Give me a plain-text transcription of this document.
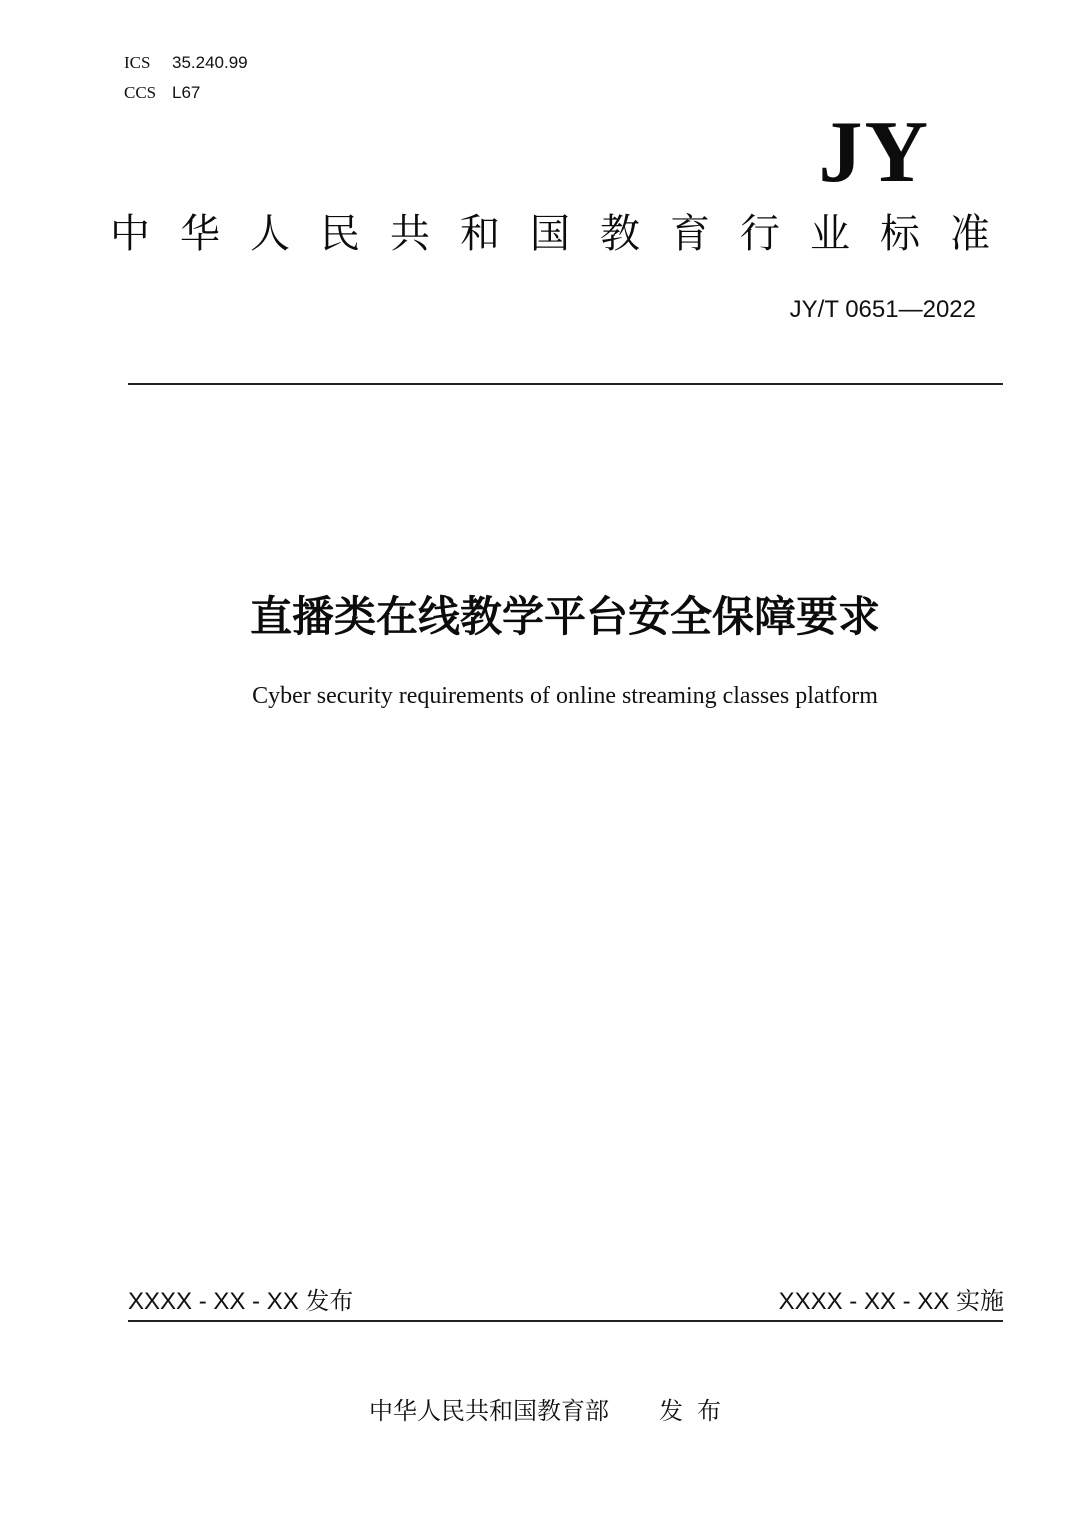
ICS 35.240.99
CCS L67
JY
中华人民共和国教育行业标准
JY/T 0651—2022
直播类在线教学平台安全保障要求
Cyber security requirements of online streaming classes platform
XXXX - XX - XX 发布	XXXX - XX - XX 实施
中华人民共和国教育部 发布
